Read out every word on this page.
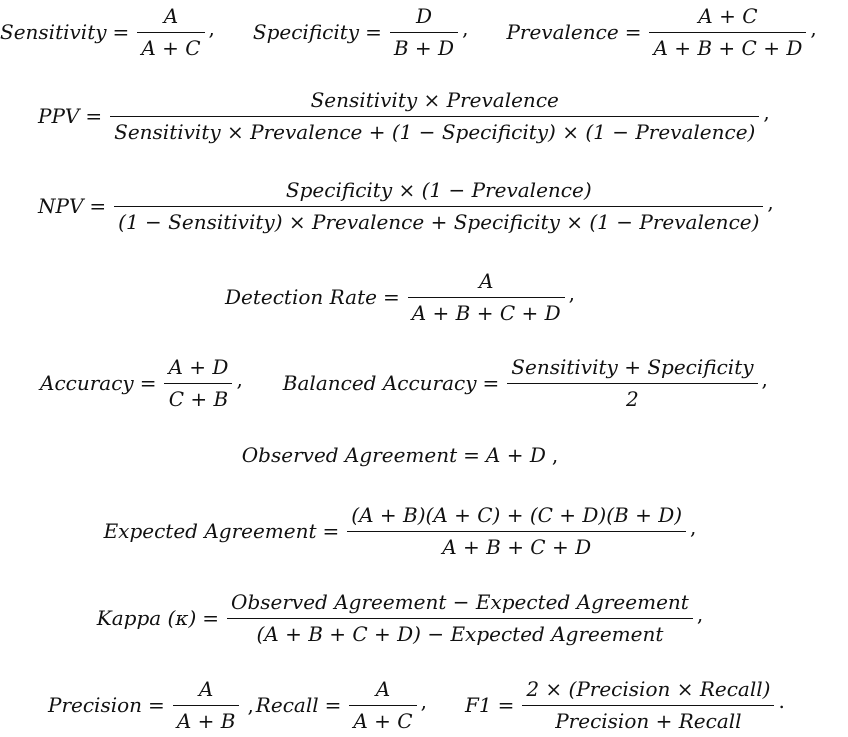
Sensitivity = $\frac{A}{A + C}$ , Specificity = $\frac{D}{B + D}$ , Prevalence = $\frac{A + C}{A + B + C + D}$ ,
PPV =
Sensitivity × Prevalence
Sensitivity × Prevalence + (1 − Specificity) × (1 − Prevalence)
,
NPV =
Specificity × (1 − Prevalence)
(1 − Sensitivity) × Prevalence + Specificity × (1 − Prevalence)
,
Detection Rate = $\frac{A}{A + B + C + D}$ ,
Accuracy = $\frac{A + D}{C + B}$ , Balanced Accuracy = $\frac{\text{Sensitivity + Specificity}}{2}$ ,
Observed Agreement = A + D ,
Expected Agreement = $\frac{(A + B)(A + C) + (C + D)(B + D)}{A + B + C + D}$ ,
Kappa $(\kappa) = \frac{\text{Observed Agreement − Expected Agreement}}{\text{(A + B + C + D) − Expected Agreement}}$ ,
Precision = $\frac{A}{A + B}$ , Recall = $\frac{A}{A + C}$ , $F1 = \frac{\text{2 × (Precision × Recall)}}{\text{Precision + Recall}}$ .
